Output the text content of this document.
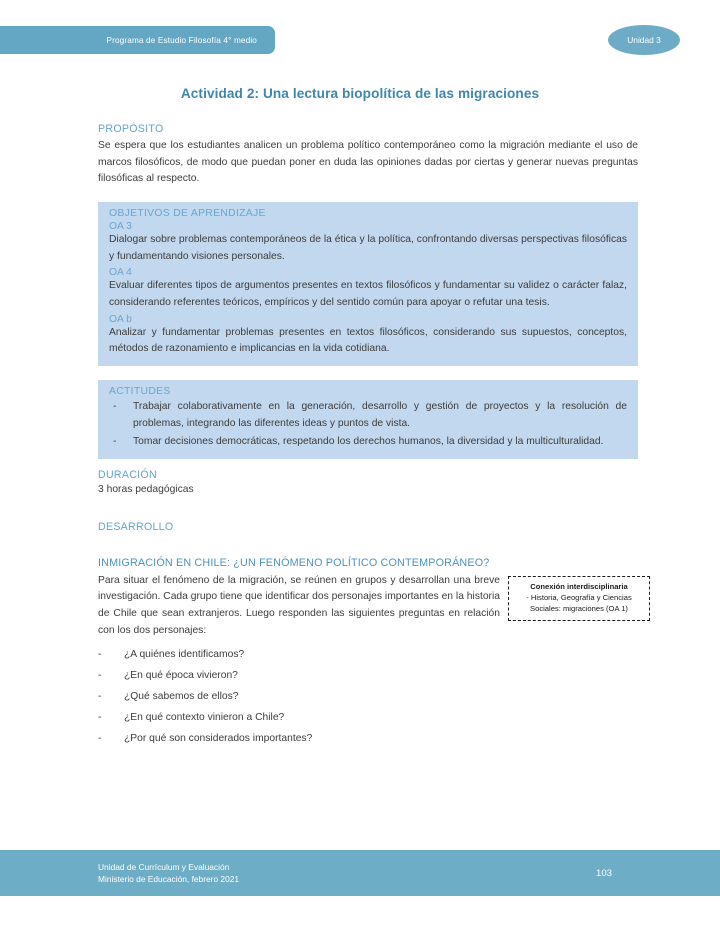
Programa de Estudio Filosofía 4° medio	Unidad 3
Actividad 2: Una lectura biopolítica de las migraciones
PROPÓSITO

Se espera que los estudiantes analicen un problema político contemporáneo como la migración mediante el uso de marcos filosóficos, de modo que puedan poner en duda las opiniones dadas por ciertas y generar nuevas preguntas filosóficas al respecto.

OBJETIVOS DE APRENDIZAJE
OA 3
Dialogar sobre problemas contemporáneos de la ética y la política, confrontando diversas perspectivas filosóficas y fundamentando visiones personales.
OA 4
Evaluar diferentes tipos de argumentos presentes en textos filosóficos y fundamentar su validez o carácter falaz, considerando referentes teóricos, empíricos y del sentido común para apoyar o refutar una tesis.
OA b
Analizar y fundamentar problemas presentes en textos filosóficos, considerando sus supuestos, conceptos, métodos de razonamiento e implicancias en la vida cotidiana.
ACTITUDES
-	Trabajar colaborativamente en la generación, desarrollo y gestión de proyectos y la resolución de problemas, integrando las diferentes ideas y puntos de vista.
-	Tomar decisiones democráticas, respetando los derechos humanos, la diversidad y la multiculturalidad.
DURACIÓN

3 horas pedagógicas

DESARROLLO
INMIGRACIÓN EN CHILE: ¿UN FENÓMENO POLÍTICO CONTEMPORÁNEO?
Para situar el fenómeno de la migración, se reúnen en grupos y desarrollan una breve investigación. Cada grupo tiene que identificar dos personajes importantes en la historia de Chile que sean extranjeros. Luego responden las siguientes preguntas en relación con los dos personajes:
Conexión interdisciplinaria
- Historia, Geografía y Ciencias
Sociales: migraciones (OA 1)
-	¿A quiénes identificamos?
-	¿En qué época vivieron?
-	¿Qué sabemos de ellos?
-	¿En qué contexto vinieron a Chile?
-	¿Por qué son considerados importantes?
Unidad de Currículum y Evaluación
Ministerio de Educación, febrero 2021
103
